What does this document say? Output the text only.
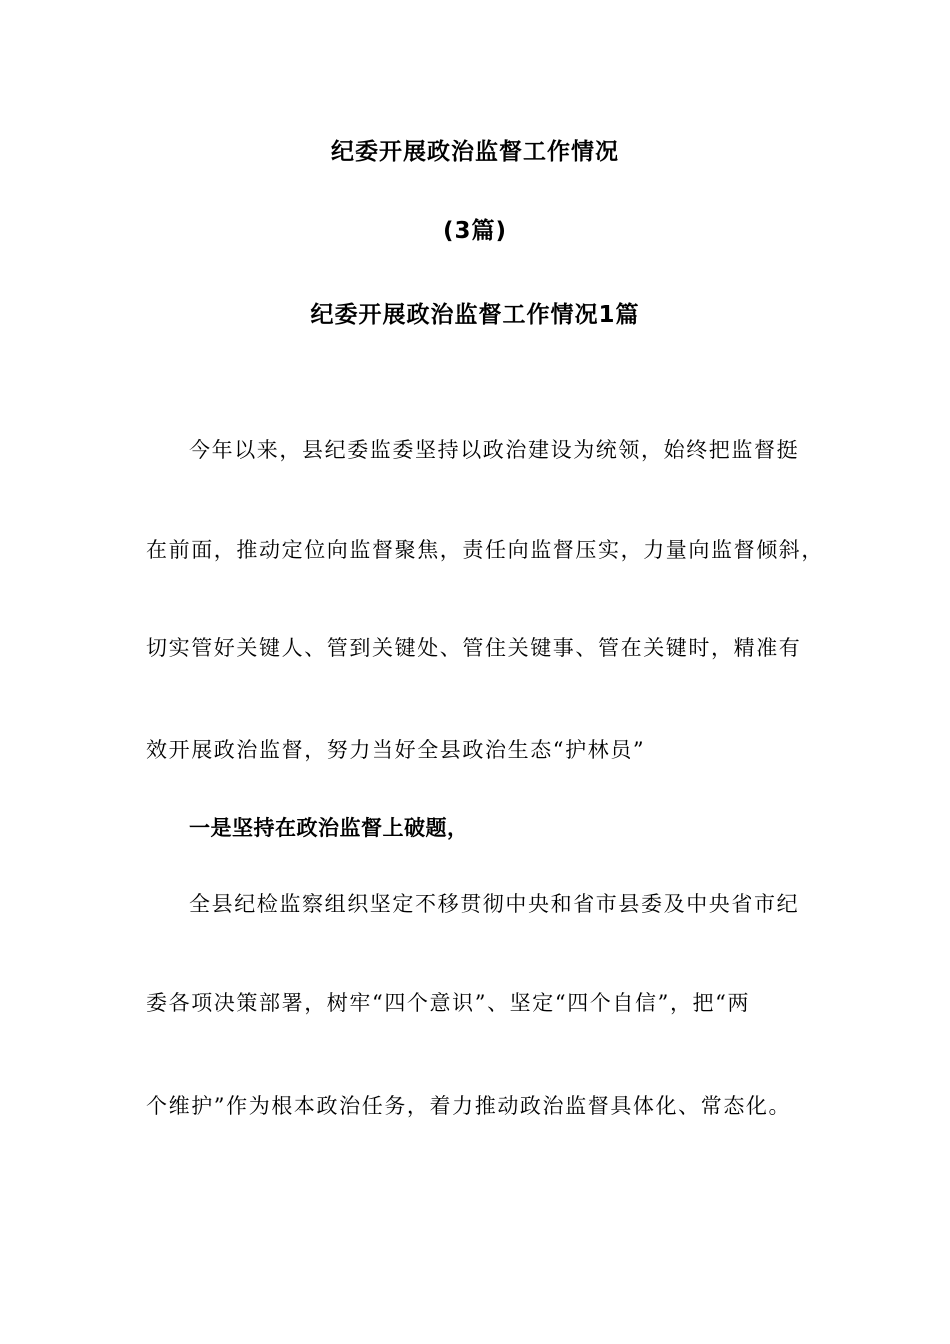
纪委开展政治监督工作情况
(3篇)
纪委开展政治监督工作情况1篇
今年以来，县纪委监委坚持以政治建设为统领，始终把监督挺
在前面，推动定位向监督聚焦，责任向监督压实，力量向监督倾斜，
切实管好关键人、管到关键处、管住关键事、管在关键时，精准有
效开展政治监督，努力当好全县政治生态“护林员”
一是坚持在政治监督上破题，
全县纪检监察组织坚定不移贯彻中央和省市县委及中央省市纪
委各项决策部署，树牢“四个意识”、坚定“四个自信”，把“两
个维护”作为根本政治任务，着力推动政治监督具体化、常态化。
